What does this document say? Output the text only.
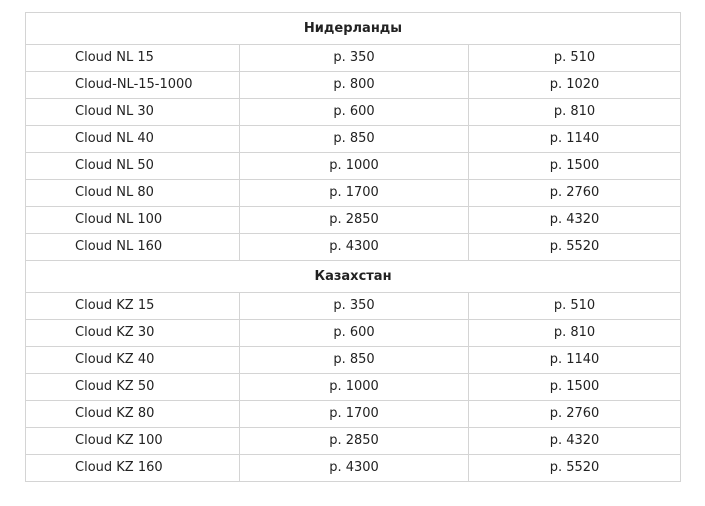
Нидерланды		
Cloud NL 15	р. 350	р. 510
Cloud-NL-15-1000	р. 800	р. 1020
Cloud NL 30	р. 600	р. 810
Cloud NL 40	р. 850	р. 1140
Cloud NL 50	р. 1000	р. 1500
Cloud NL 80	р. 1700	р. 2760
Cloud NL 100	р. 2850	р. 4320
Cloud NL 160	р. 4300	р. 5520
Казахстан		
Cloud KZ 15	р. 350	р. 510
Cloud KZ 30	р. 600	р. 810
Cloud KZ 40	р. 850	р. 1140
Cloud KZ 50	р. 1000	р. 1500
Cloud KZ 80	р. 1700	р. 2760
Cloud KZ 100	р. 2850	р. 4320
Cloud KZ 160	р. 4300	р. 5520
